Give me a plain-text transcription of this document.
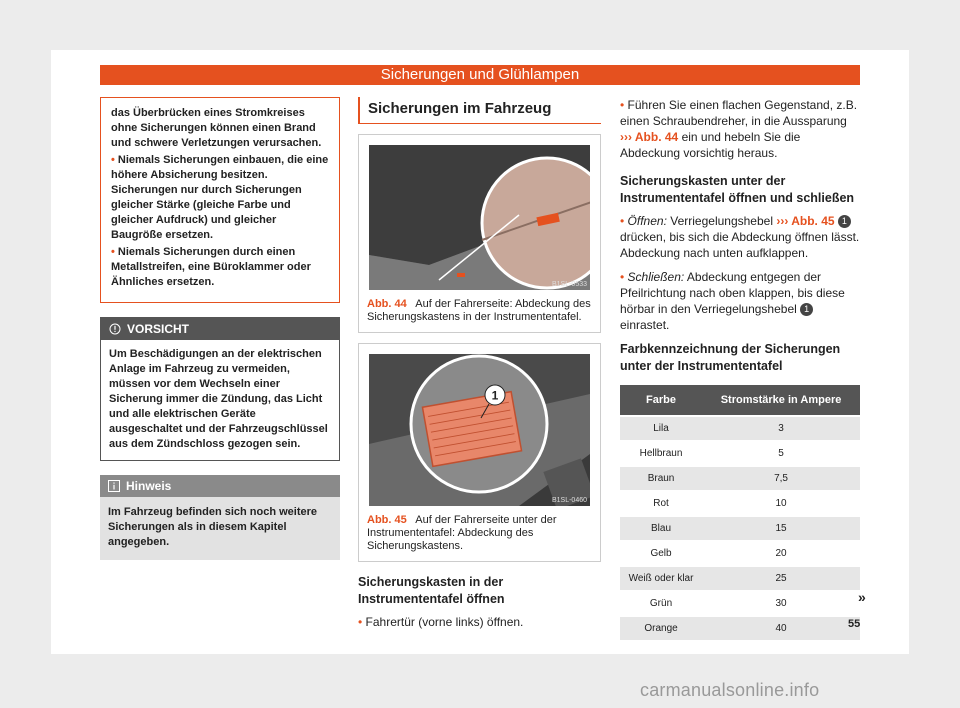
Sicherungen und Glühlampen

das Überbrücken eines Stromkreises ohne Sicherungen können einen Brand und schwere Verletzungen verursachen.

• Niemals Sicherungen einbauen, die eine höhere Absicherung besitzen. Sicherungen nur durch Sicherungen gleicher Stärke (gleiche Farbe und gleicher Aufdruck) und gleicher Baugröße ersetzen.

• Niemals Sicherungen durch einen Metallstreifen, eine Büroklammer oder Ähnliches ersetzen.

VORSICHT
Um Beschädigungen an der elektrischen Anlage im Fahrzeug zu vermeiden, müssen vor dem Wechseln einer Sicherung immer die Zündung, das Licht und alle elektrischen Geräte ausgeschaltet und der Fahrzeugschlüssel aus dem Zündschloss gezogen sein.
Hinweis
Im Fahrzeug befinden sich noch weitere Sicherungen als in diesem Kapitel angegeben.
Sicherungen im Fahrzeug
B1SL-0533
Abb. 44 Auf der Fahrerseite: Abdeckung des Sicherungskastens in der Instrumententafel.
1
B1SL-0460
Abb. 45 Auf der Fahrerseite unter der Instrumententafel: Abdeckung des Sicherungskastens.
Sicherungskasten in der Instrumententafel öffnen

• Fahrertür (vorne links) öffnen.

• Führen Sie einen flachen Gegenstand, z.B. einen Schraubendreher, in die Aussparung ››› Abb. 44 ein und hebeln Sie die Abdeckung vorsichtig heraus.

Sicherungskasten unter der Instrumententafel öffnen und schließen

• Öffnen: Verriegelungshebel ››› Abb. 45 1 drücken, bis sich die Abdeckung öffnen lässt. Abdeckung nach unten aufklappen.

• Schließen: Abdeckung entgegen der Pfeilrichtung nach oben klappen, bis diese hörbar in den Verriegelungshebel 1 einrastet.

Farbkennzeichnung der Sicherungen unter der Instrumententafel
Farbe	Stromstärke in Ampere
Lila	3
Hellbraun	5
Braun	7,5
Rot	10
Blau	15
Gelb	20
Weiß oder klar	25
Grün	30
Orange	40
»
55
carmanualsonline.info
